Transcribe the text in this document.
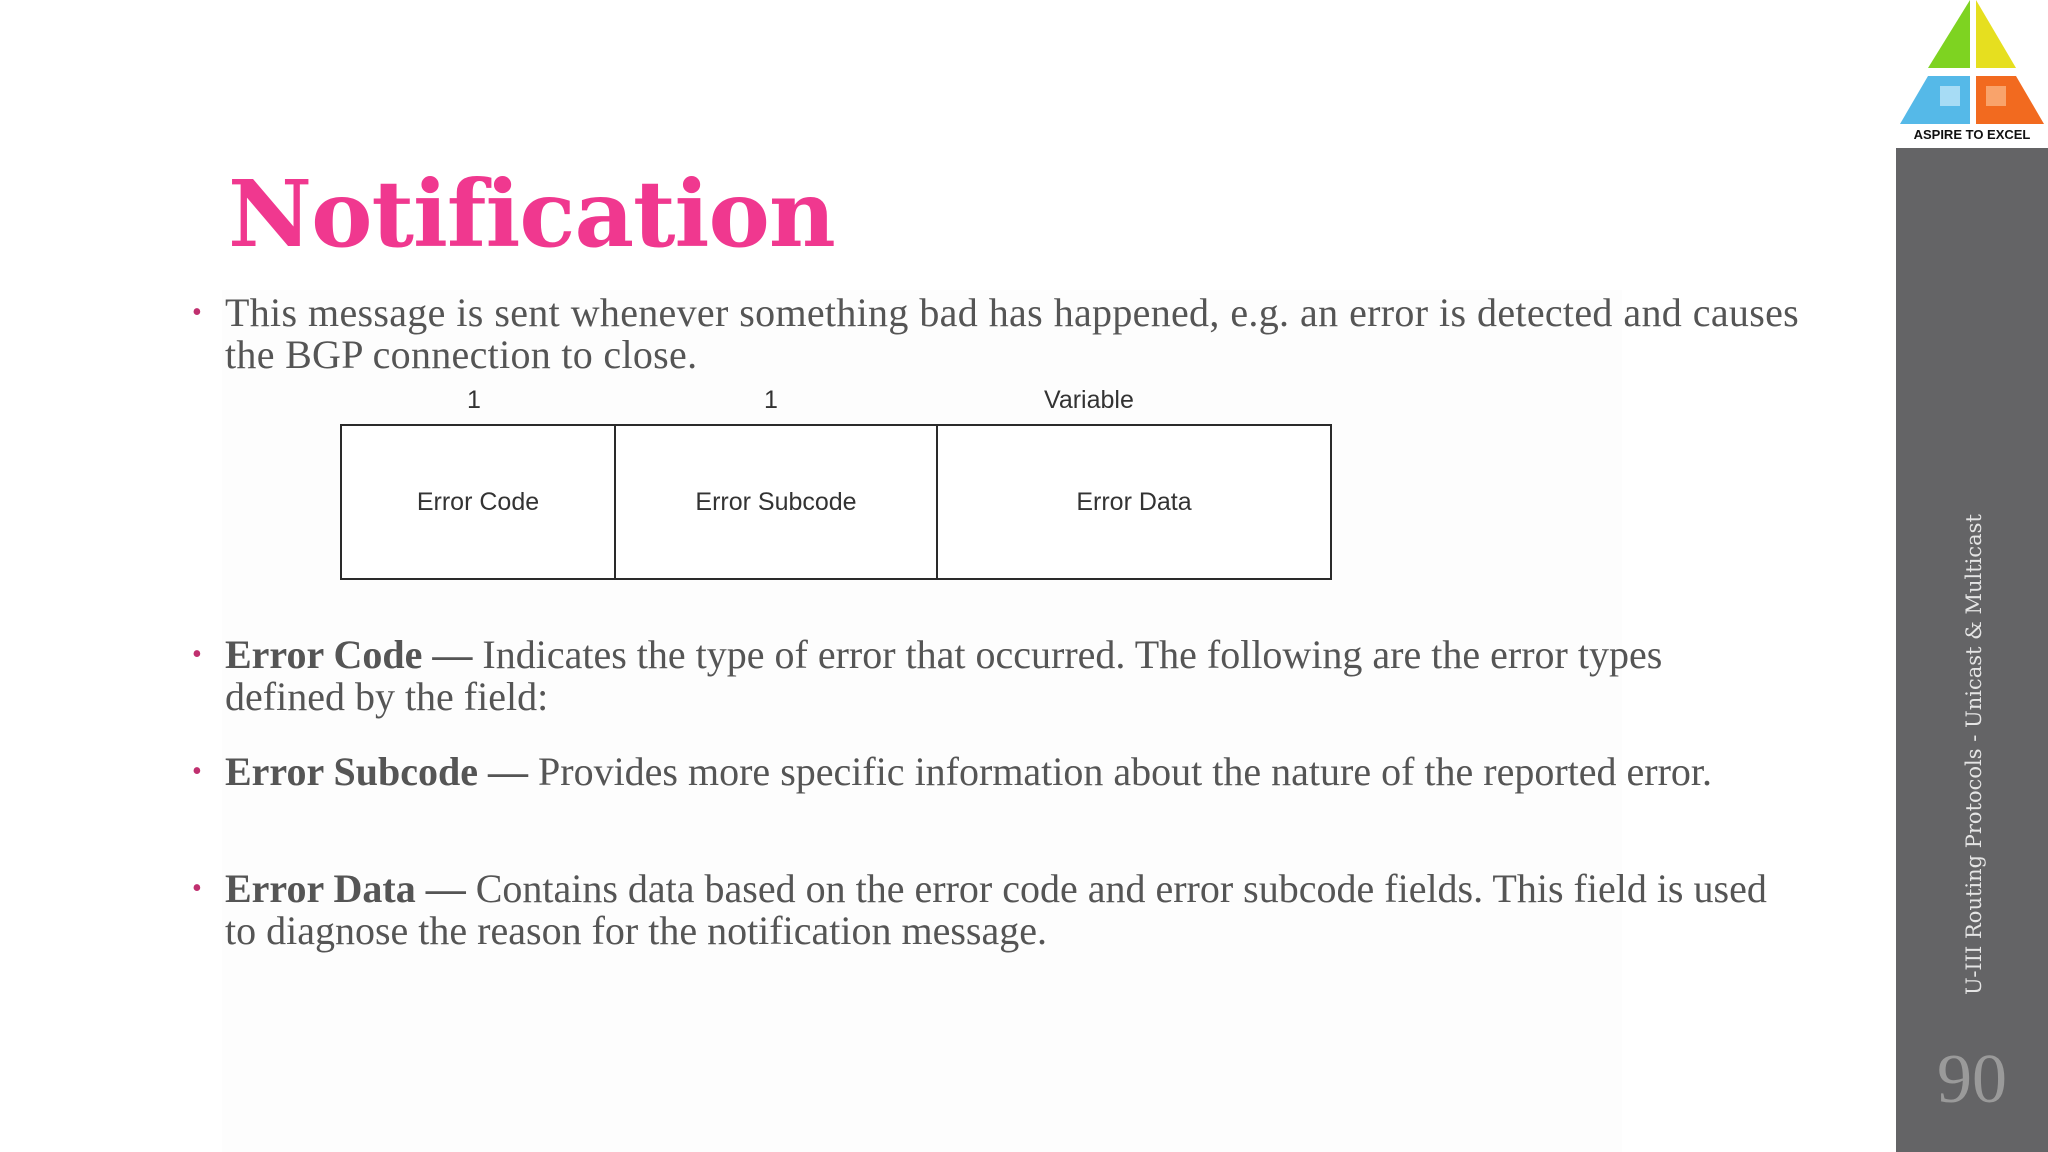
Notification
• This message is sent whenever something bad has happened, e.g. an error is detected and causes the BGP connection to close.
1	1	Variable
Error Code	Error Subcode	Error Data
• Error Code — Indicates the type of error that occurred. The following are the error types defined by the field:
• Error Subcode — Provides more specific information about the nature of the reported error.
• Error Data — Contains data based on the error code and error subcode fields. This field is used to diagnose the reason for the notification message.
ASPIRE TO EXCEL
U-III Routing Protocols - Unicast & Multicast
90
